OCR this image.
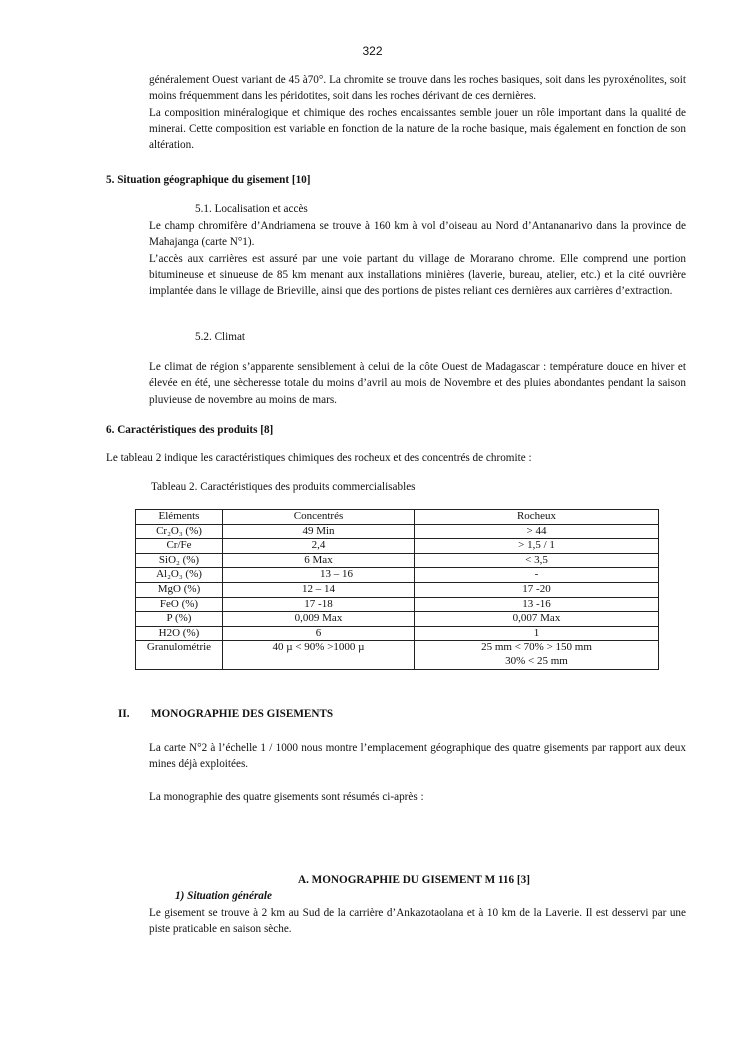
322

généralement Ouest variant de 45 à70°. La chromite se trouve dans les roches basiques, soit dans les pyroxénolites, soit moins fréquemment dans les péridotites, soit dans les roches dérivant de ces dernières.

La composition minéralogique et chimique des roches encaissantes semble jouer un rôle important dans la qualité de minerai. Cette composition est variable en fonction de la nature de la roche basique, mais également en fonction de son altération.

5. Situation géographique du gisement [10]
5.1. Localisation et accès

Le champ chromifère d’Andriamena se trouve à 160 km à vol d’oiseau au Nord d’Antananarivo dans la province de Mahajanga (carte N°1).

L’accès aux carrières est assuré par une voie partant du village de Morarano chrome. Elle comprend une portion bitumineuse et sinueuse de 85 km menant aux installations minières (laverie, bureau, atelier, etc.) et la cité ouvrière implantée dans le village de Brieville, ainsi que des portions de pistes reliant ces dernières aux carrières d’extraction.

5.2. Climat
Le climat de région s’apparente sensiblement à celui de la côte Ouest de Madagascar : température douce en hiver et élevée en été, une sècheresse totale du moins d’avril au mois de Novembre et des pluies abondantes pendant la saison pluvieuse de novembre au moins de mars.
6. Caractéristiques des produits [8]
Le tableau 2 indique les caractéristiques chimiques des rocheux et des concentrés de chromite :
Tableau 2. Caractéristiques des produits commercialisables
Eléments	Concentrés	Rocheux
Cr₂O₃ (%)	49 Min	> 44
Cr/Fe	2,4	> 1,5 / 1
SiO₂ (%)	6 Max	< 3,5
Al₂O₃ (%)	13 – 16	-
MgO (%)	12 – 14	17 -20
FeO (%)	17 -18	13 -16
P (%)	0,009 Max	0,007 Max
H2O (%)	6	1
Granulométrie	40 µ < 90% >1000 µ	25 mm < 70% > 150 mm
30% < 25 mm
II. MONOGRAPHIE DES GISEMENTS
La carte N°2 à l’échelle 1 / 1000 nous montre l’emplacement géographique des quatre gisements par rapport aux deux mines déjà exploitées.
La monographie des quatre gisements sont résumés ci-après :
A. MONOGRAPHIE DU GISEMENT M 116 [3]
1) Situation générale
Le gisement se trouve à 2 km au Sud de la carrière d’Ankazotaolana et à 10 km de la Laverie. Il est desservi par une piste praticable en saison sèche.
